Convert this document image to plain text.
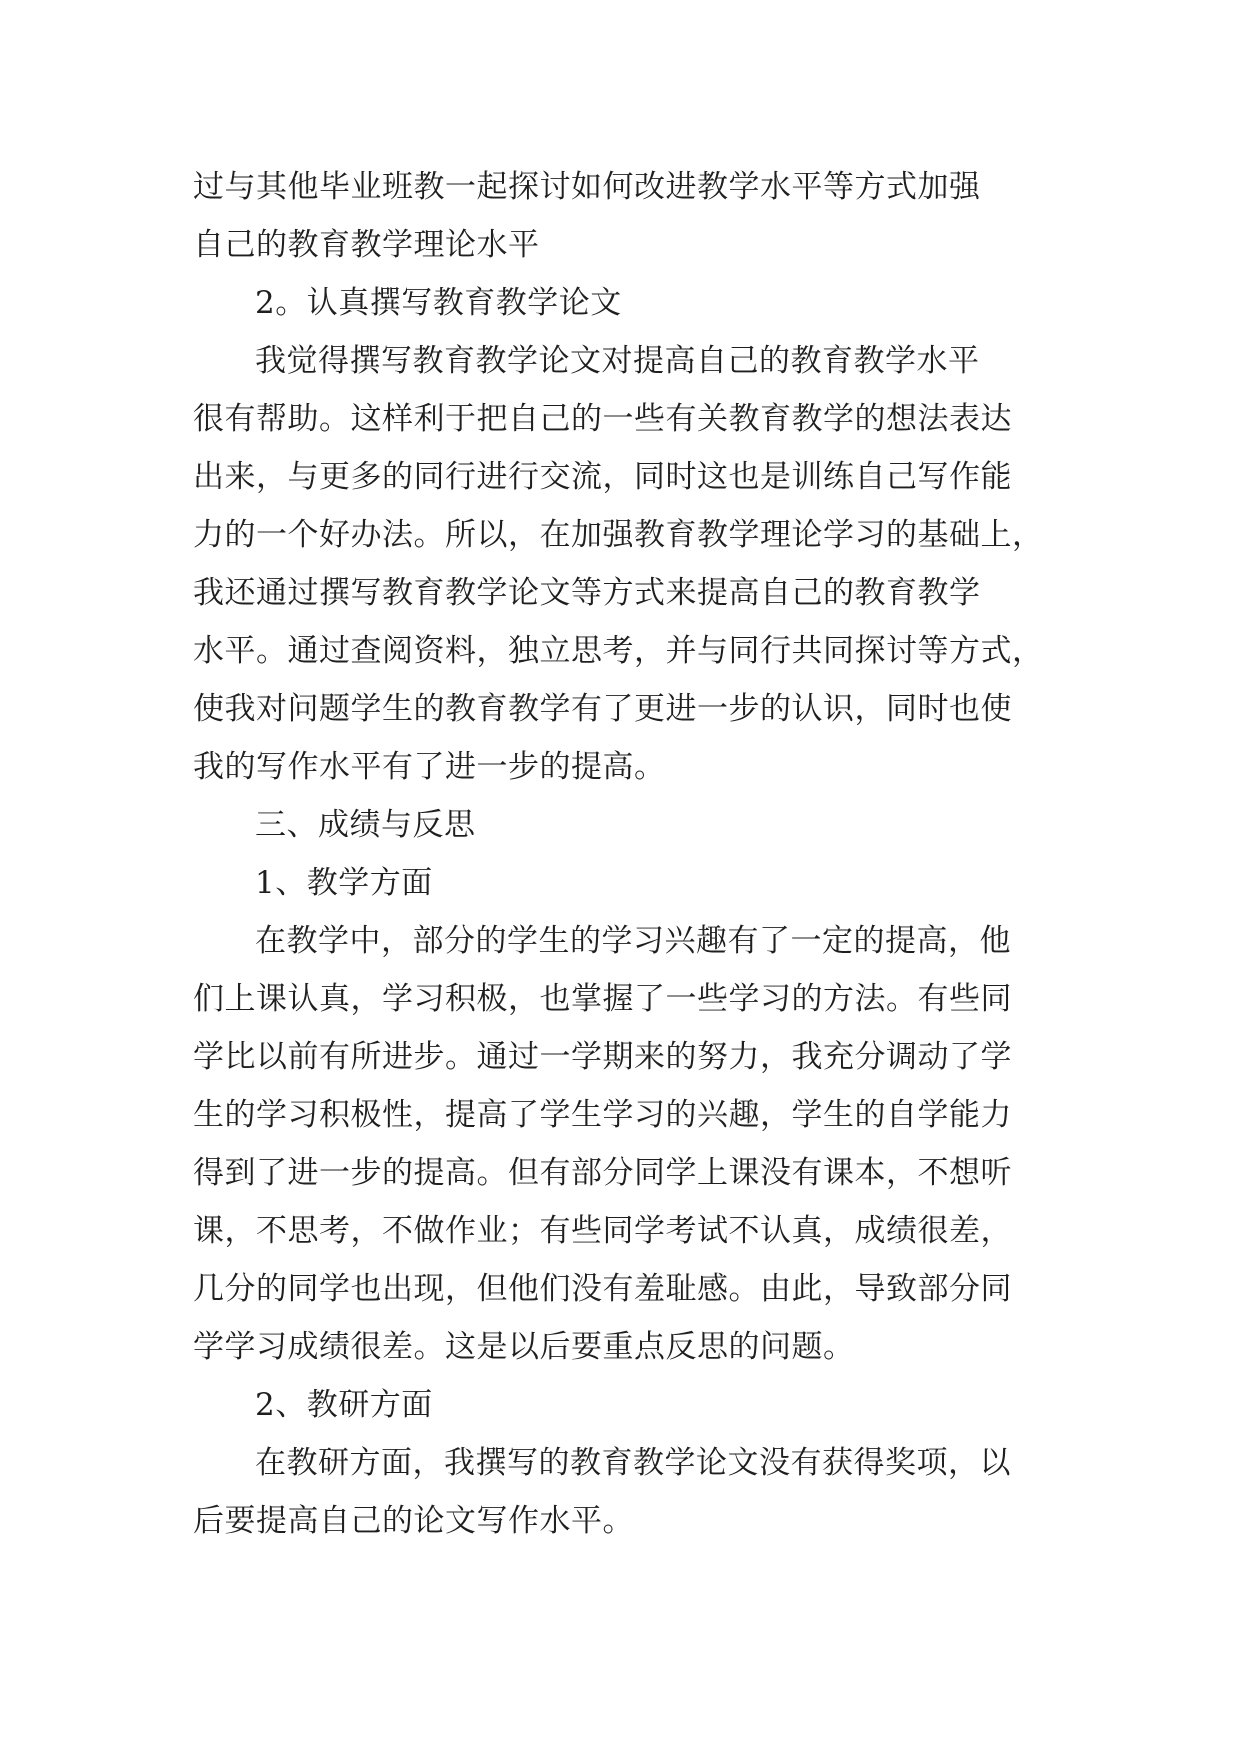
过与其他毕业班教一起探讨如何改进教学水平等方式加强
自己的教育教学理论水平
2。认真撰写教育教学论文
我觉得撰写教育教学论文对提高自己的教育教学水平
很有帮助。这样利于把自己的一些有关教育教学的想法表达
出来，与更多的同行进行交流，同时这也是训练自己写作能
力的一个好办法。所以，在加强教育教学理论学习的基础上，
我还通过撰写教育教学论文等方式来提高自己的教育教学
水平。通过查阅资料，独立思考，并与同行共同探讨等方式，
使我对问题学生的教育教学有了更进一步的认识，同时也使
我的写作水平有了进一步的提高。
三、成绩与反思
1、教学方面
在教学中，部分的学生的学习兴趣有了一定的提高，他
们上课认真，学习积极，也掌握了一些学习的方法。有些同
学比以前有所进步。通过一学期来的努力，我充分调动了学
生的学习积极性，提高了学生学习的兴趣，学生的自学能力
得到了进一步的提高。但有部分同学上课没有课本，不想听
课，不思考，不做作业；有些同学考试不认真，成绩很差，
几分的同学也出现，但他们没有羞耻感。由此，导致部分同
学学习成绩很差。这是以后要重点反思的问题。
2、教研方面
在教研方面，我撰写的教育教学论文没有获得奖项，以
后要提高自己的论文写作水平。
